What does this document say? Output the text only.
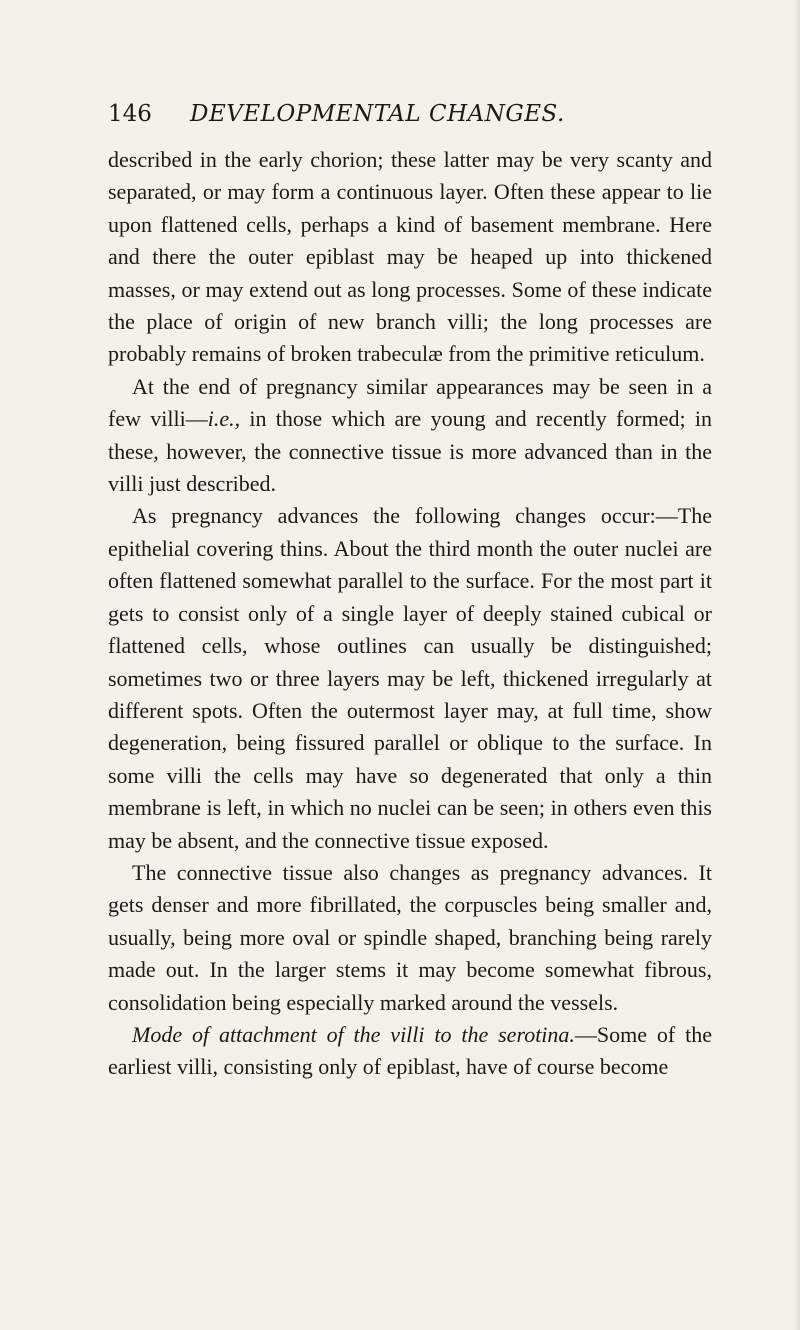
146 DEVELOPMENTAL CHANGES.

described in the early chorion; these latter may be very scanty and separated, or may form a continuous layer. Often these appear to lie upon flattened cells, perhaps a kind of basement membrane. Here and there the outer epiblast may be heaped up into thickened masses, or may extend out as long processes. Some of these indicate the place of origin of new branch villi; the long processes are probably remains of broken trabeculæ from the primitive reticulum.

At the end of pregnancy similar appearances may be seen in a few villi—i.e., in those which are young and recently formed; in these, however, the connective tissue is more advanced than in the villi just described.

As pregnancy advances the following changes occur:—The epithelial covering thins. About the third month the outer nuclei are often flattened somewhat parallel to the surface. For the most part it gets to consist only of a single layer of deeply stained cubical or flattened cells, whose outlines can usually be distinguished; sometimes two or three layers may be left, thickened irregularly at different spots. Often the outermost layer may, at full time, show degeneration, being fissured parallel or oblique to the surface. In some villi the cells may have so degenerated that only a thin membrane is left, in which no nuclei can be seen; in others even this may be absent, and the connective tissue exposed.

The connective tissue also changes as pregnancy advances. It gets denser and more fibrillated, the corpuscles being smaller and, usually, being more oval or spindle shaped, branching being rarely made out. In the larger stems it may become somewhat fibrous, consolidation being especially marked around the vessels.

Mode of attachment of the villi to the serotina.—Some of the earliest villi, consisting only of epiblast, have of course become
